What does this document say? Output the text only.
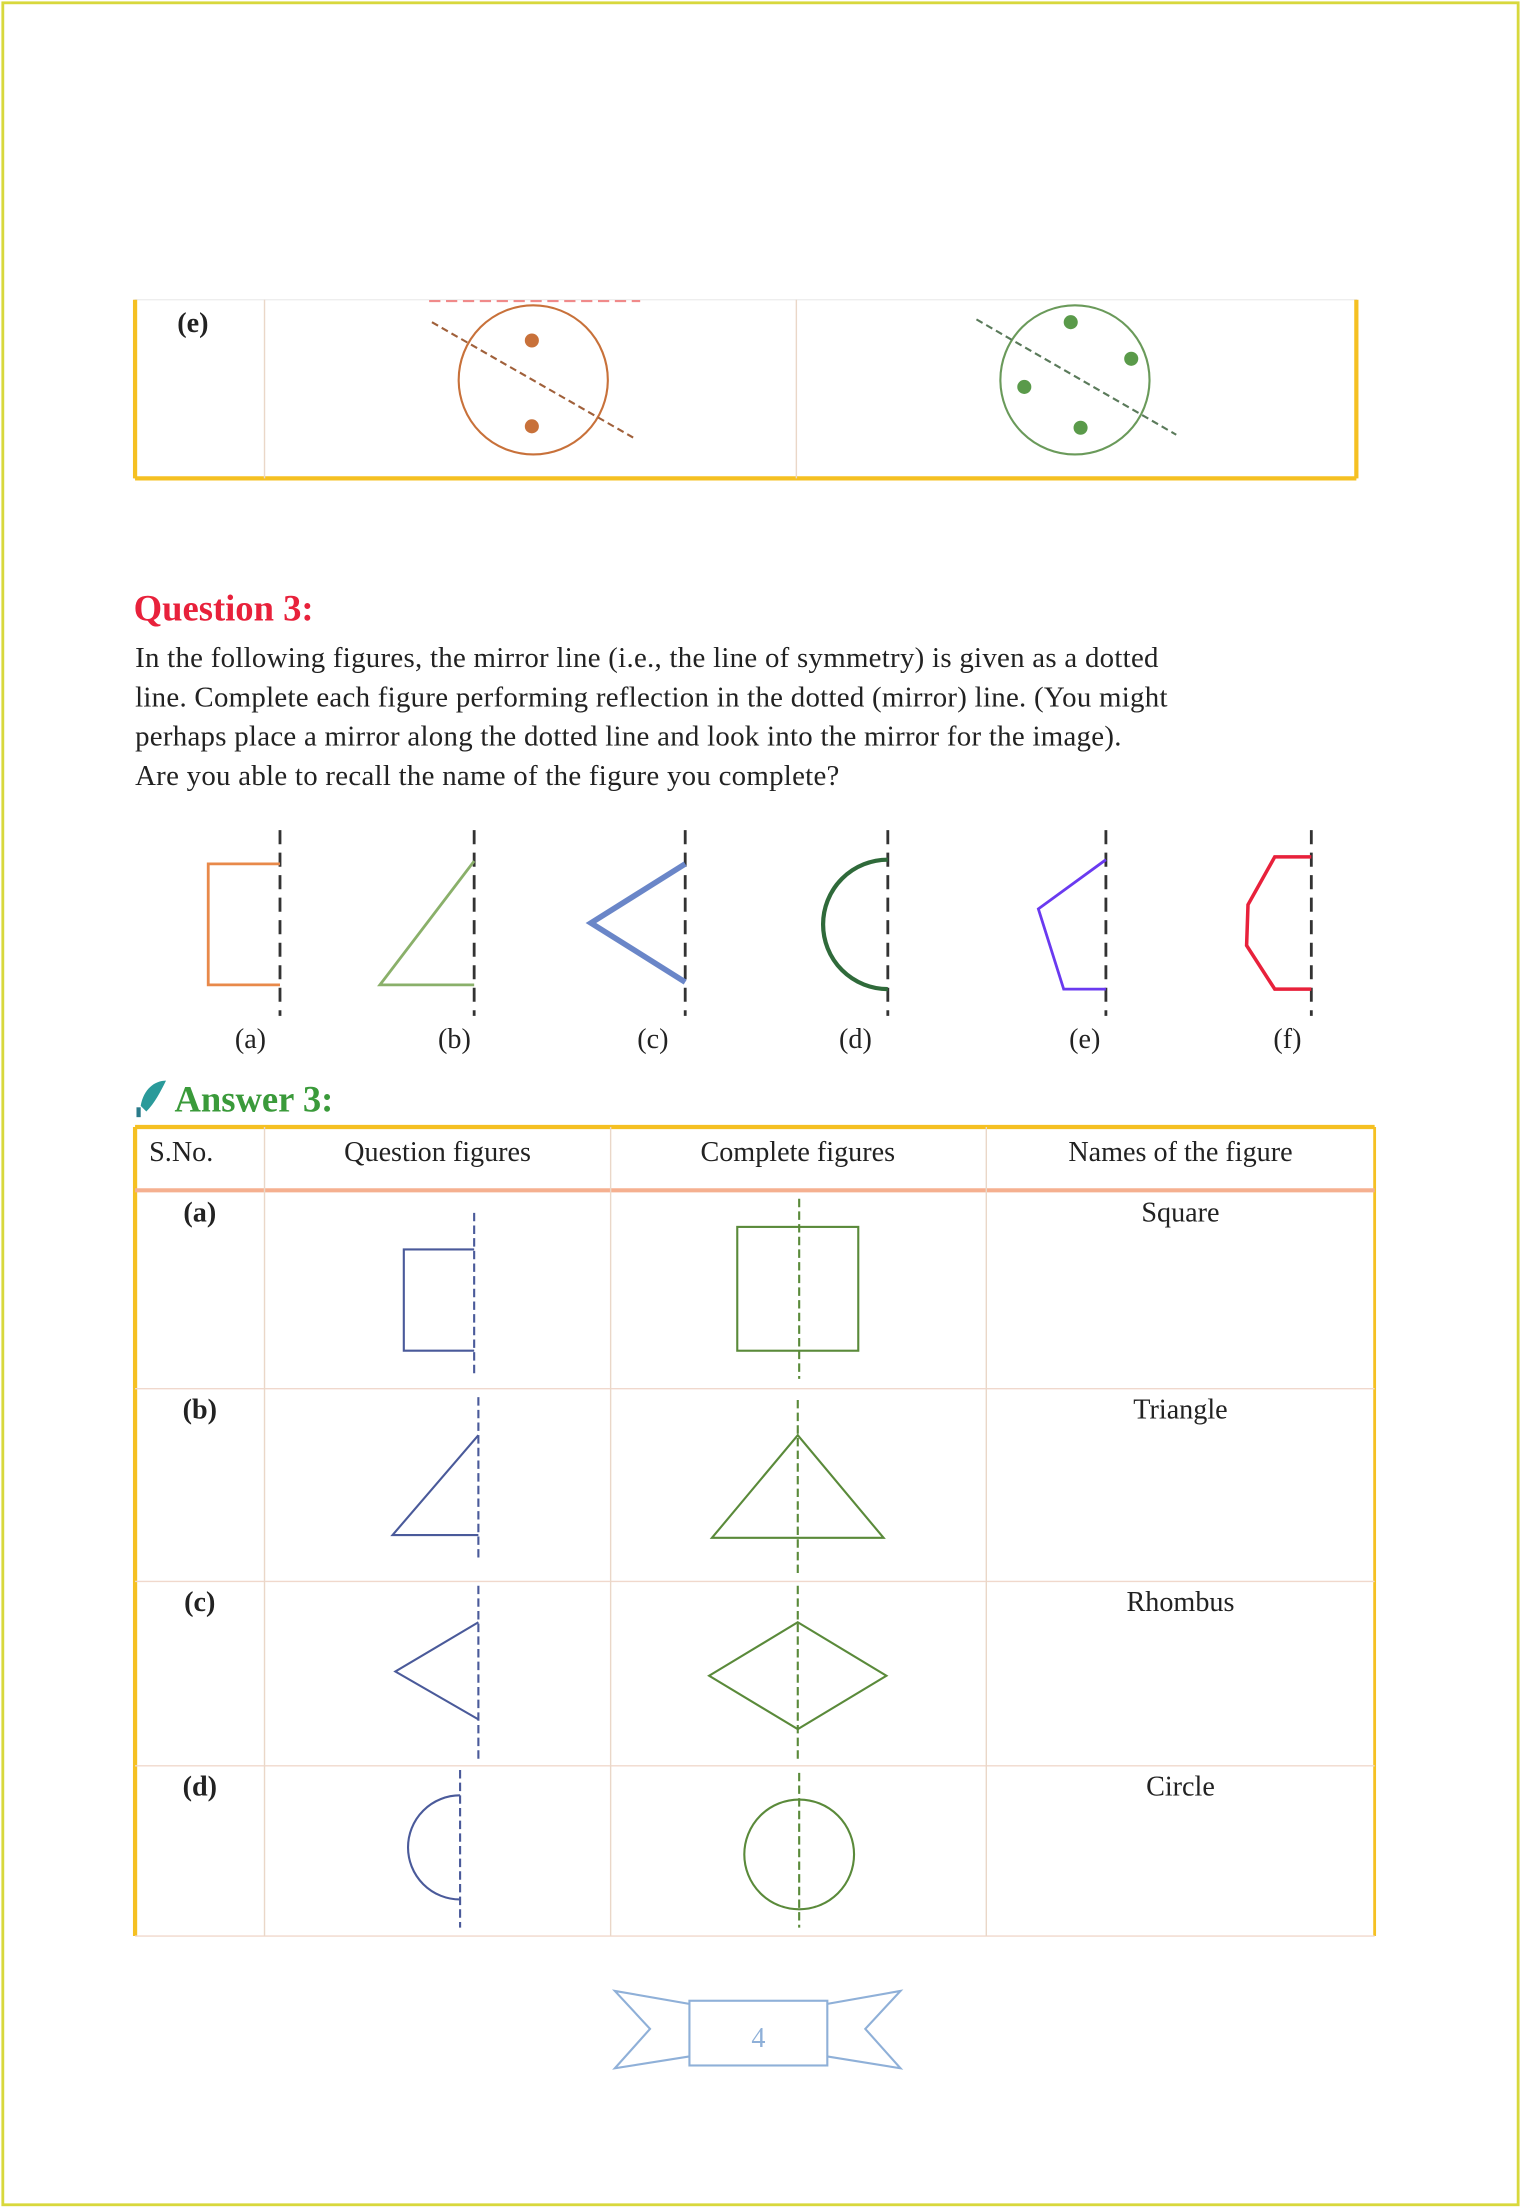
(e)
Question 3:
In the following figures, the mirror line (i.e., the line of symmetry) is given as a dotted
line. Complete each figure performing reflection in the dotted (mirror) line. (You might
perhaps place a mirror along the dotted line and look into the mirror for the image).
Are you able to recall the name of the figure you complete?
(a)	(b)	(c)	(d)	(e)	(f)
Answer 3:
S.No.	Question figures	Complete figures	Names of the figure
(a)	Square
(b)	Triangle
(c)	Rhombus
(d)	Circle
4
